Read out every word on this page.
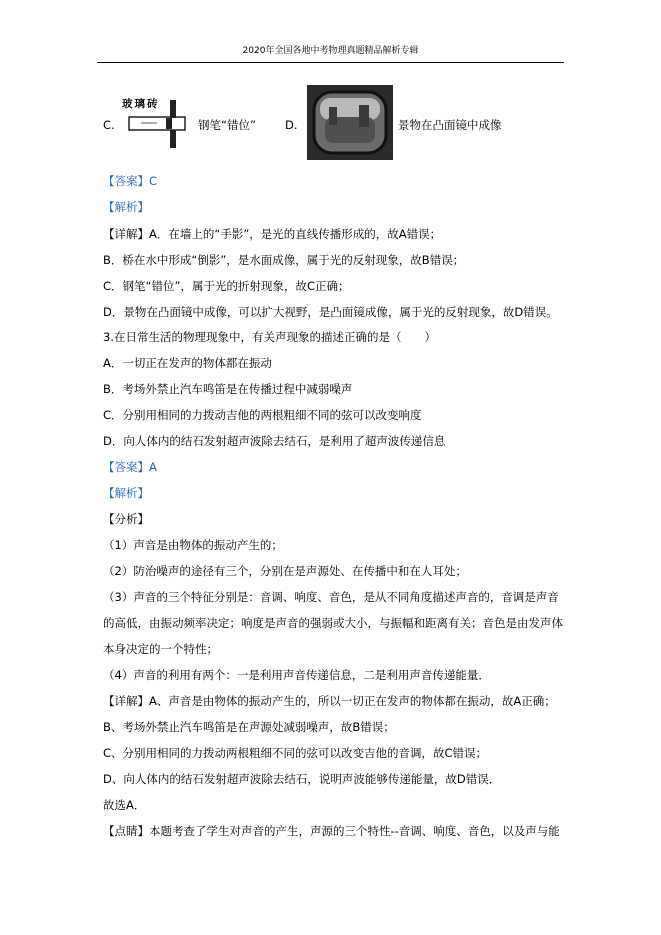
2020年全国各地中考物理真题精品解析专辑
C.
玻璃砖
钢笔“错位”	D.	景物在凸面镜中成像
【答案】C
【解析】
【详解】A．在墙上的“手影”，是光的直线传播形成的，故A错误；
B．桥在水中形成“倒影”，是水面成像，属于光的反射现象，故B错误；
C．钢笔“错位”，属于光的折射现象，故C正确；
D．景物在凸面镜中成像，可以扩大视野，是凸面镜成像，属于光的反射现象，故D错误。
3.在日常生活的物理现象中，有关声现象的描述正确的是（　　）
A．一切正在发声的物体都在振动
B．考场外禁止汽车鸣笛是在传播过程中减弱噪声
C．分别用相同的力拨动吉他的两根粗细不同的弦可以改变响度
D．向人体内的结石发射超声波除去结石，是利用了超声波传递信息
【答案】A
【解析】
【分析】
（1）声音是由物体的振动产生的；
（2）防治噪声的途径有三个，分别在是声源处、在传播中和在人耳处；
（3）声音的三个特征分别是：音调、响度、音色，是从不同角度描述声音的，音调是声音
的高低，由振动频率决定；响度是声音的强弱或大小，与振幅和距离有关；音色是由发声体
本身决定的一个特性；
（4）声音的利用有两个：一是利用声音传递信息，二是利用声音传递能量．
【详解】A、声音是由物体的振动产生的，所以一切正在发声的物体都在振动，故A正确；
B、考场外禁止汽车鸣笛是在声源处减弱噪声，故B错误；
C、分别用相同的力拨动两根粗细不同的弦可以改变吉他的音调，故C错误；
D、向人体内的结石发射超声波除去结石，说明声波能够传递能量，故D错误．
故选A．
【点睛】本题考查了学生对声音的产生，声源的三个特性--音调、响度、音色，以及声与能
